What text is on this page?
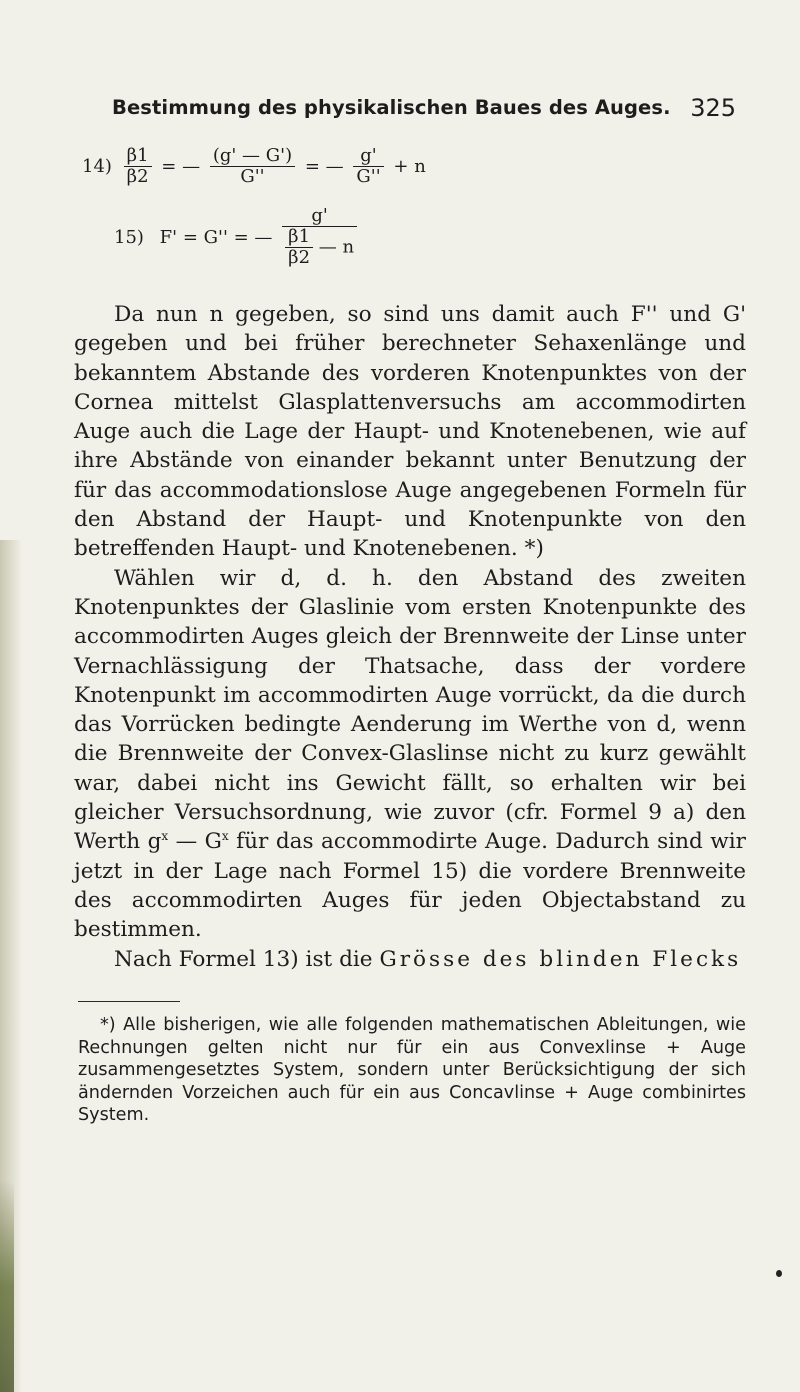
Bestimmung des physikalischen Baues des Auges. 325
$14) \frac{\beta 1}{\beta 2}$ = — $\frac{(g' — G')}{G''}$ = — $\frac{g'}{G''} + n$
15) F' = G'' = — $\frac{g'}{\frac{\beta 1}{\beta 2} — n}$

Da nun n gegeben, so sind uns damit auch F'' und G' gegeben und bei früher berechneter Sehaxenlänge und bekanntem Abstande des vorderen Knotenpunktes von der Cornea mittelst Glasplattenversuchs am accommodirten Auge auch die Lage der Haupt- und Knotenebenen, wie auf ihre Abstände von einander bekannt unter Benutzung der für das accommodationslose Auge angegebenen Formeln für den Abstand der Haupt- und Knotenpunkte von den betreffenden Haupt- und Knotenebenen. *)

Wählen wir d, d. h. den Abstand des zweiten Knotenpunktes der Glaslinie vom ersten Knotenpunkte des accommodirten Auges gleich der Brennweite der Linse unter Vernachlässigung der Thatsache, dass der vordere Knotenpunkt im accommodirten Auge vorrückt, da die durch das Vorrücken bedingte Aenderung im Werthe von d, wenn die Brennweite der Convex-Glaslinse nicht zu kurz gewählt war, dabei nicht ins Gewicht fällt, so erhalten wir bei gleicher Versuchsordnung, wie zuvor (cfr. Formel 9 a) den Werth $g^x$ — $G^x$ für das accommodirte Auge. Dadurch sind wir jetzt in der Lage nach Formel 15) die vordere Brennweite des accommodirten Auges für jeden Objectabstand zu bestimmen.

Nach Formel 13) ist die Grösse des blinden Flecks

*) Alle bisherigen, wie alle folgenden mathematischen Ableitungen, wie Rechnungen gelten nicht nur für ein aus Convexlinse + Auge zusammengesetztes System, sondern unter Berücksichtigung der sich ändernden Vorzeichen auch für ein aus Concavlinse + Auge combinirtes System.
